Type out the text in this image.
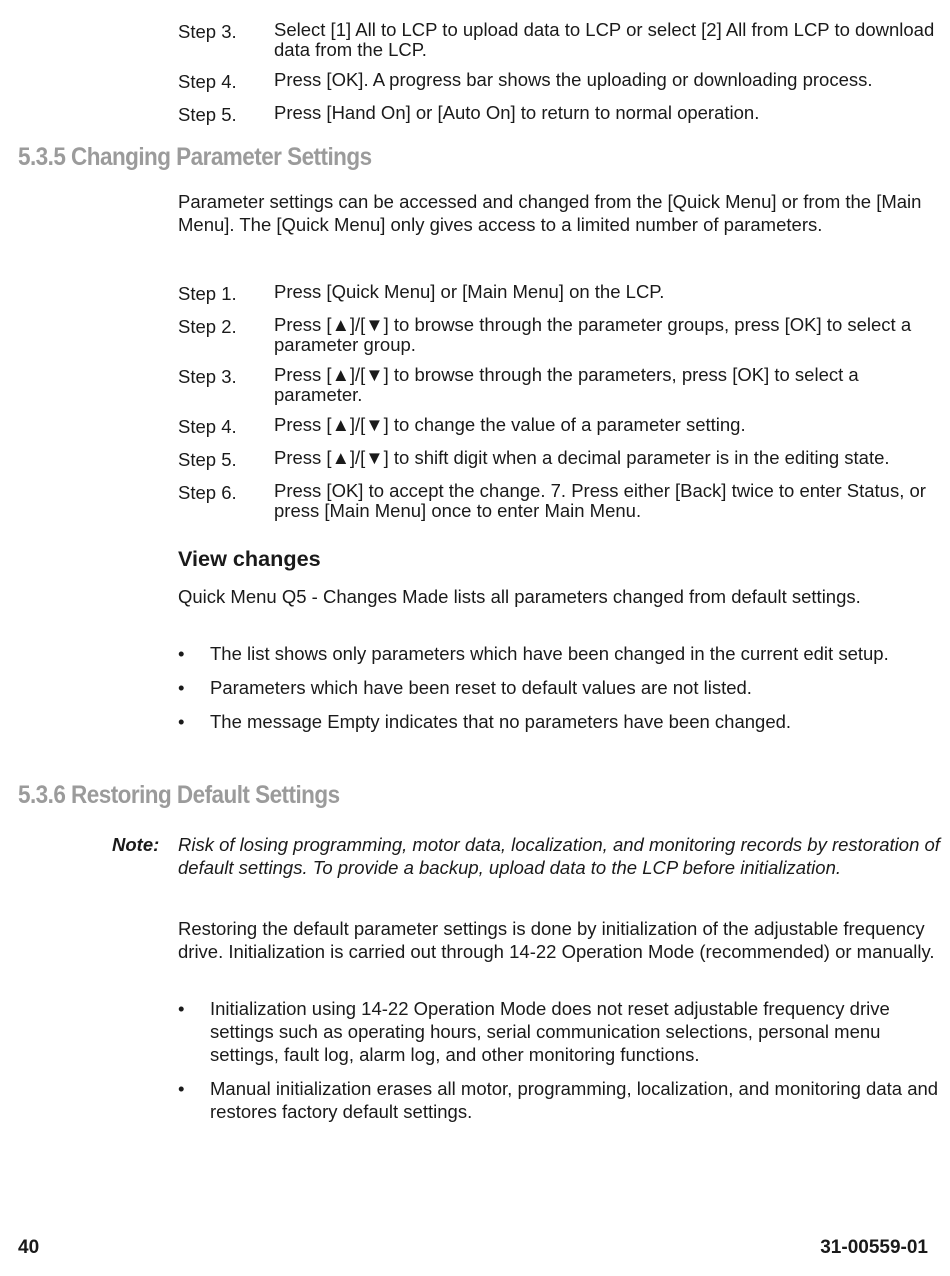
Step 3.	Select [1] All to LCP to upload data to LCP or select [2] All from LCP to download data from the LCP.
Step 4.	Press [OK]. A progress bar shows the uploading or downloading process.
Step 5.	Press [Hand On] or [Auto On] to return to normal operation.
5.3.5 Changing Parameter Settings

Parameter settings can be accessed and changed from the [Quick Menu] or from the [Main Menu]. The [Quick Menu] only gives access to a limited number of parameters.

Step 1.	Press [Quick Menu] or [Main Menu] on the LCP.
Step 2.	Press [▲]/[▼] to browse through the parameter groups, press [OK] to select a parameter group.
Step 3.	Press [▲]/[▼] to browse through the parameters, press [OK] to select a parameter.
Step 4.	Press [▲]/[▼] to change the value of a parameter setting.
Step 5.	Press [▲]/[▼] to shift digit when a decimal parameter is in the editing state.
Step 6.	Press [OK] to accept the change. 7. Press either [Back] twice to enter Status, or press [Main Menu] once to enter Main Menu.
View changes

Quick Menu Q5 - Changes Made lists all parameters changed from default settings.

• The list shows only parameters which have been changed in the current edit setup.
• Parameters which have been reset to default values are not listed.
• The message Empty indicates that no parameters have been changed.
5.3.6 Restoring Default Settings
Note:	Risk of losing programming, motor data, localization, and monitoring records by restoration of default settings. To provide a backup, upload data to the LCP before initialization.

Restoring the default parameter settings is done by initialization of the adjustable frequency drive. Initialization is carried out through 14-22 Operation Mode (recommended) or manually.

• Initialization using 14-22 Operation Mode does not reset adjustable frequency drive settings such as operating hours, serial communication selections, personal menu settings, fault log, alarm log, and other monitoring functions.
• Manual initialization erases all motor, programming, localization, and monitoring data and restores factory default settings.
40	31-00559-01
